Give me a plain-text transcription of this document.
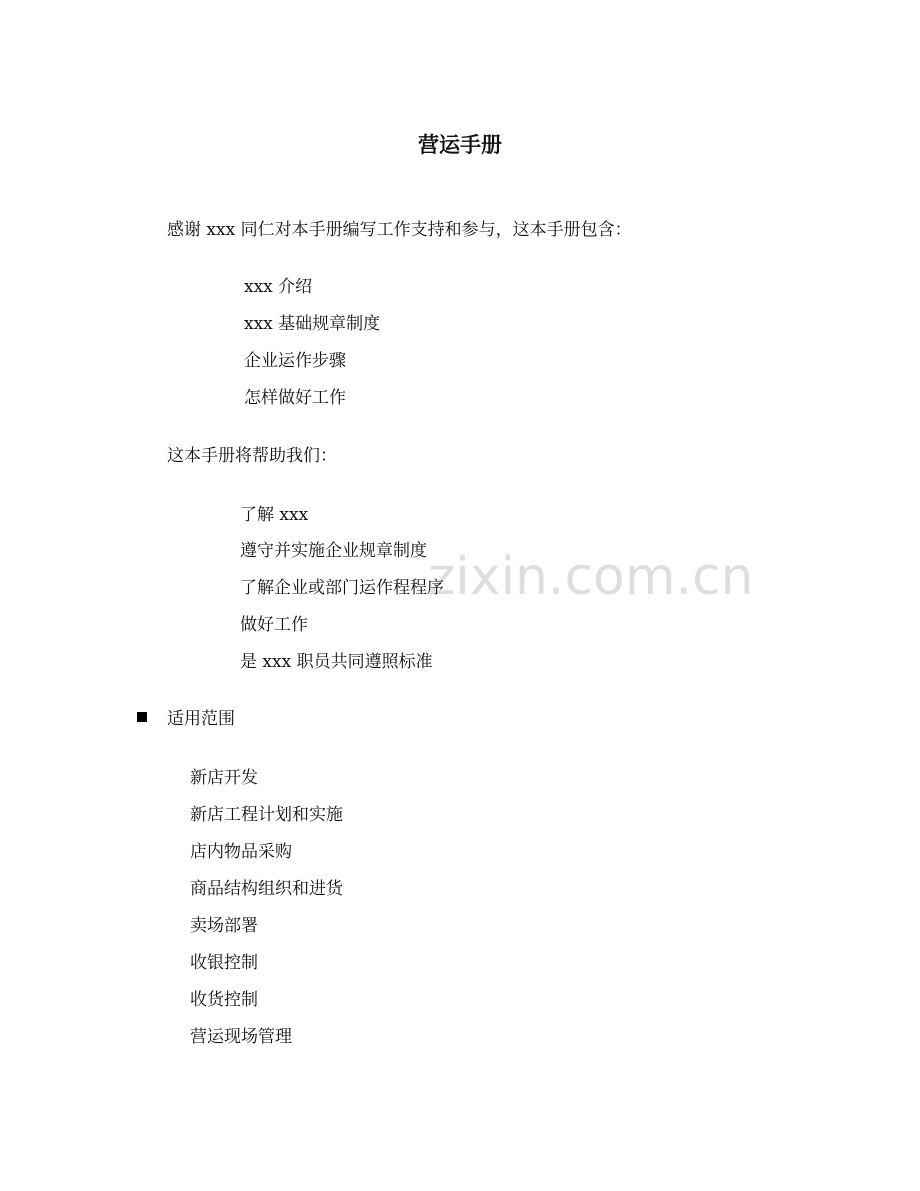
营运手册
感谢 xxx 同仁对本手册编写工作支持和参与，这本手册包含：
xxx 介绍
xxx 基础规章制度
企业运作步骤
怎样做好工作
这本手册将帮助我们：
了解 xxx
遵守并实施企业规章制度
了解企业或部门运作程程序
做好工作
是 xxx 职员共同遵照标准
zixin.com.cn
适用范围
新店开发
新店工程计划和实施
店内物品采购
商品结构组织和进货
卖场部署
收银控制
收货控制
营运现场管理
